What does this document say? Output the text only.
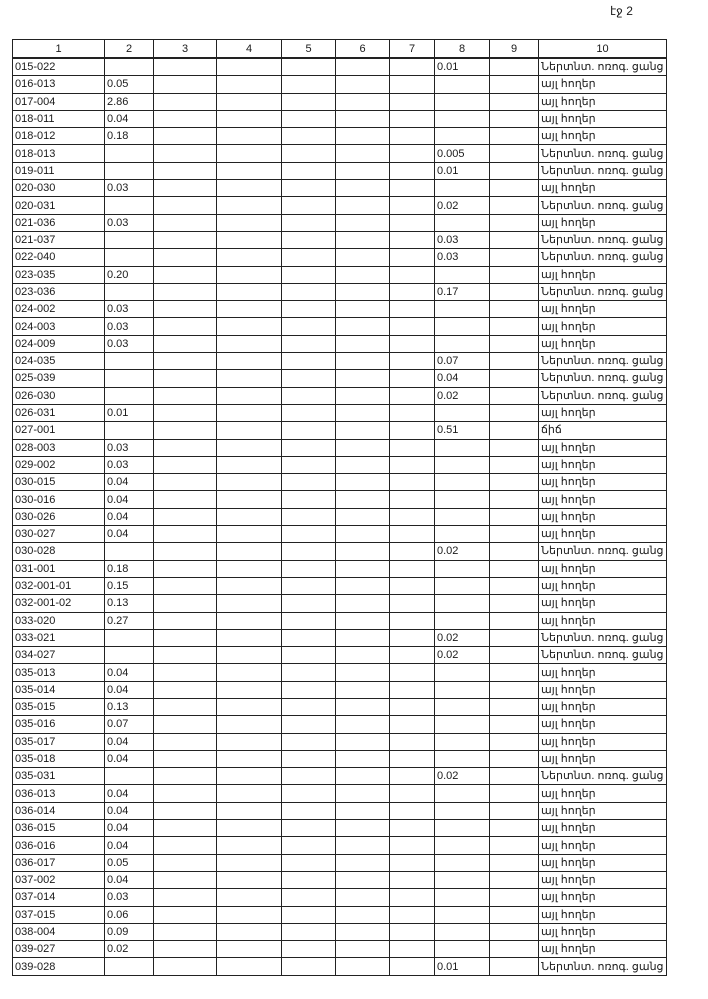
էջ 2
1	2	3	4	5	6	7	8	9	10
015-022							0.01		Ներտնտ. ոռոգ. ցանց
016-013	0.05								այլ հողեր
017-004	2.86								այլ հողեր
018-011	0.04								այլ հողեր
018-012	0.18								այլ հողեր
018-013							0.005		Ներտնտ. ոռոգ. ցանց
019-011							0.01		Ներտնտ. ոռոգ. ցանց
020-030	0.03								այլ հողեր
020-031							0.02		Ներտնտ. ոռոգ. ցանց
021-036	0.03								այլ հողեր
021-037							0.03		Ներտնտ. ոռոգ. ցանց
022-040							0.03		Ներտնտ. ոռոգ. ցանց
023-035	0.20								այլ հողեր
023-036							0.17		Ներտնտ. ոռոգ. ցանց
024-002	0.03								այլ հողեր
024-003	0.03								այլ հողեր
024-009	0.03								այլ հողեր
024-035							0.07		Ներտնտ. ոռոգ. ցանց
025-039							0.04		Ներտնտ. ոռոգ. ցանց
026-030							0.02		Ներտնտ. ոռոգ. ցանց
026-031	0.01								այլ հողեր
027-001							0.51		ճիճ
028-003	0.03								այլ հողեր
029-002	0.03								այլ հողեր
030-015	0.04								այլ հողեր
030-016	0.04								այլ հողեր
030-026	0.04								այլ հողեր
030-027	0.04								այլ հողեր
030-028							0.02		Ներտնտ. ոռոգ. ցանց
031-001	0.18								այլ հողեր
032-001-01	0.15								այլ հողեր
032-001-02	0.13								այլ հողեր
033-020	0.27								այլ հողեր
033-021							0.02		Ներտնտ. ոռոգ. ցանց
034-027							0.02		Ներտնտ. ոռոգ. ցանց
035-013	0.04								այլ հողեր
035-014	0.04								այլ հողեր
035-015	0.13								այլ հողեր
035-016	0.07								այլ հողեր
035-017	0.04								այլ հողեր
035-018	0.04								այլ հողեր
035-031							0.02		Ներտնտ. ոռոգ. ցանց
036-013	0.04								այլ հողեր
036-014	0.04								այլ հողեր
036-015	0.04								այլ հողեր
036-016	0.04								այլ հողեր
036-017	0.05								այլ հողեր
037-002	0.04								այլ հողեր
037-014	0.03								այլ հողեր
037-015	0.06								այլ հողեր
038-004	0.09								այլ հողեր
039-027	0.02								այլ հողեր
039-028							0.01		Ներտնտ. ոռոգ. ցանց
